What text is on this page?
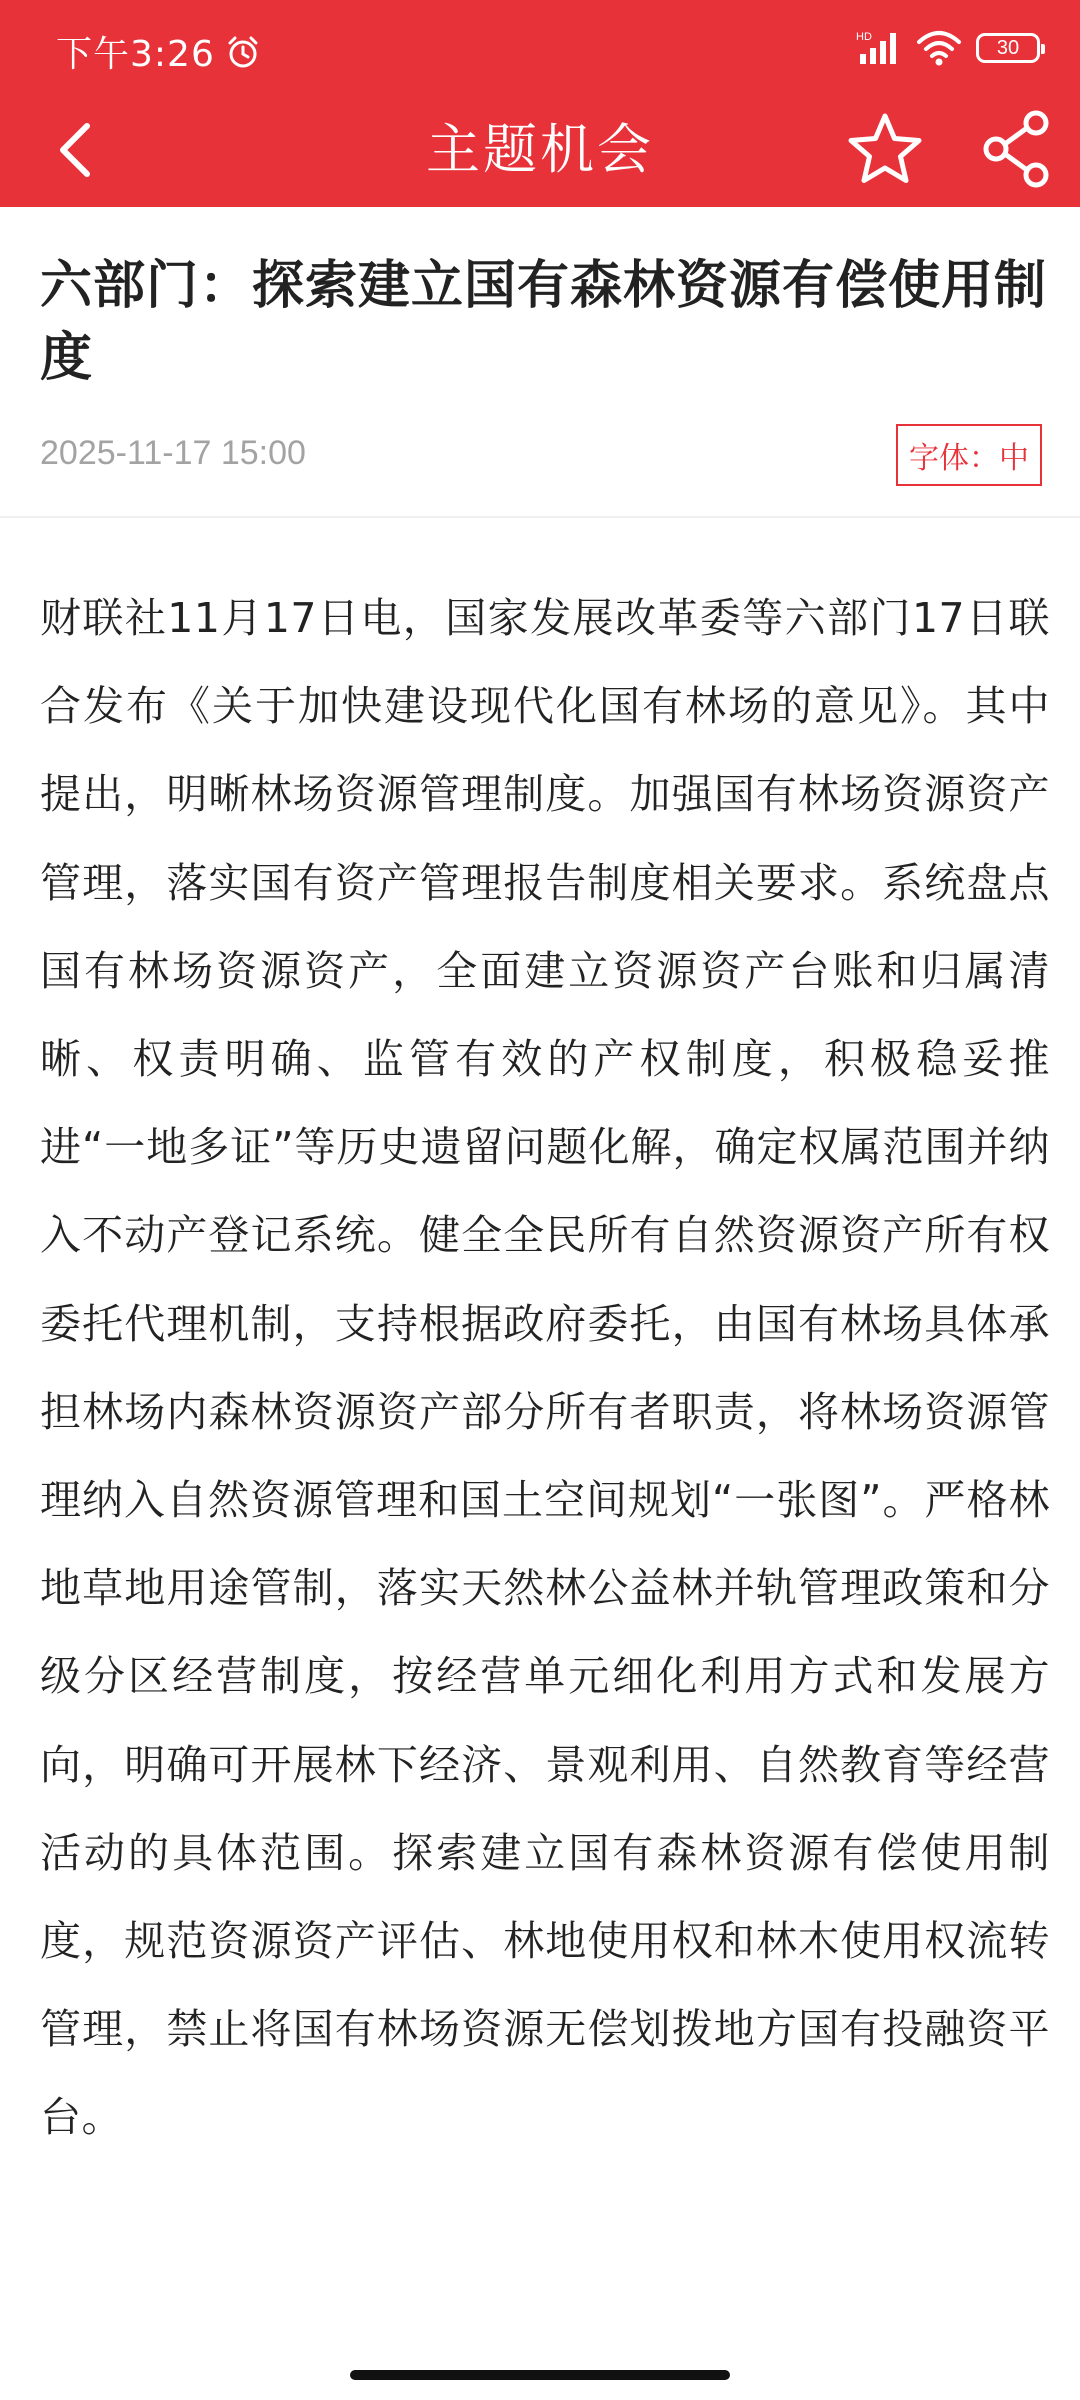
下午3:26	HD	30
主题机会
六部门：探索建立国有森林资源有偿使用制度
2025-11-17 15:00	字体：中
财联社11月17日电，国家发展改革委等六部门17日联合发布《关于加快建设现代化国有林场的意见》。其中提出，明晰林场资源管理制度。加强国有林场资源资产管理，落实国有资产管理报告制度相关要求。系统盘点国有林场资源资产，全面建立资源资产台账和归属清晰、权责明确、监管有效的产权制度，积极稳妥推进“一地多证”等历史遗留问题化解，确定权属范围并纳入不动产登记系统。健全全民所有自然资源资产所有权委托代理机制，支持根据政府委托，由国有林场具体承担林场内森林资源资产部分所有者职责，将林场资源管理纳入自然资源管理和国土空间规划“一张图”。严格林地草地用途管制，落实天然林公益林并轨管理政策和分级分区经营制度，按经营单元细化利用方式和发展方向，明确可开展林下经济、景观利用、自然教育等经营活动的具体范围。探索建立国有森林资源有偿使用制度，规范资源资产评估、林地使用权和林木使用权流转管理，禁止将国有林场资源无偿划拨地方国有投融资平台。
